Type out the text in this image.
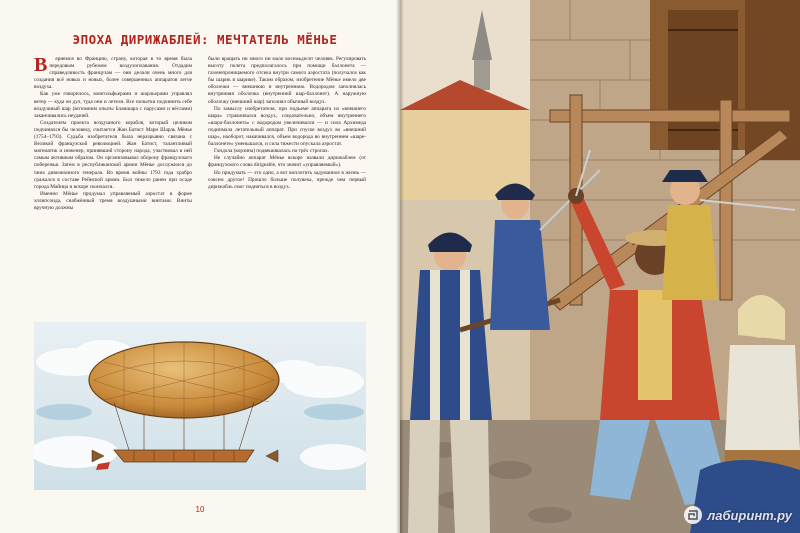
ЭПОХА ДИРИЖАБЛЕЙ: МЕЧТАТЕЛЬ МЁНЬЕ

В ернемся во Францию, страну, которая в то время была передовым рубежом воздухоплавания. Отдадим справедливость французам — они делали очень много для создания всё новых и новых, более совершенных аппаратов легче воздуха.

Как уже говорилось, монгольфьерами и шарльерами управлял ветер — куда он дул, туда они и летели. Все попытки подчинить себе воздушный шар (вспомним опыты Бланшара с парусами и вёслами) заканчивались неудачей.

Создателем проекта воздушного корабля, который целиком подчинялся бы человеку, считается Жан Батист Мари Шарль Мёнье (1754–1793). Судьба изобретателя была неразрывно связана с Великой французской революцией. Жан Батист, талантливый математик и инженер, принявший сторону народа, участвовал в ней самым активным образом. Он организовывал оборону французского побережья. Затем в республиканской армии Мёнье дослужился до чина дивизионного генерала. Во время войны 1793 года храбро сражался в составе Рейнской армии. Был тяжело ранен при осаде города Майнца и вскоре скончался.

Именно Мёнье придумал управляемый аэростат в форме эллипсоида, снабжённый тремя воздушными винтами. Винты вручную должны

были вращать ни много ни мало восемьдесят человек. Регулировать высоту полета предполагалось при помощи баллонета — газонепроницаемого отсека внутри самого аэростата (получался как бы шарик в шарике). Таким образом, изобретение Мёнье имело две оболочки — внешнюю и внутреннюю. Водородом заполнялась внутренняя оболочка (внутренний шар-баллонет). А наружную оболочку (внешний шар) заполнял обычный воздух.

По замыслу изобретателя, при подъеме аппарата из «внешнего шара» стравливался воздух, следовательно, объем внутреннего «шара-баллонета» с водородом увеличивался — и сила Архимеда поднимала летательный аппарат. При спуске воздух во «внешний шар», наоборот, накачивался, объем водорода во внутреннем «шаре-баллонете» уменьшался, и сила тяжести опускала аэростат.

Гондола (корзина) подвешивалась на трёх стропах.

Не случайно аппарат Мёнье вскоре назвали дирижаблем (от французского слова dirigeable, что значит «управляемый»).

Но придумать — это одно, а вот воплотить задуманное в жизнь — совсем другое! Прошло больше полувека, прежде чем первый дирижабль смог подняться в воздух.

10	лабиринт.ру
